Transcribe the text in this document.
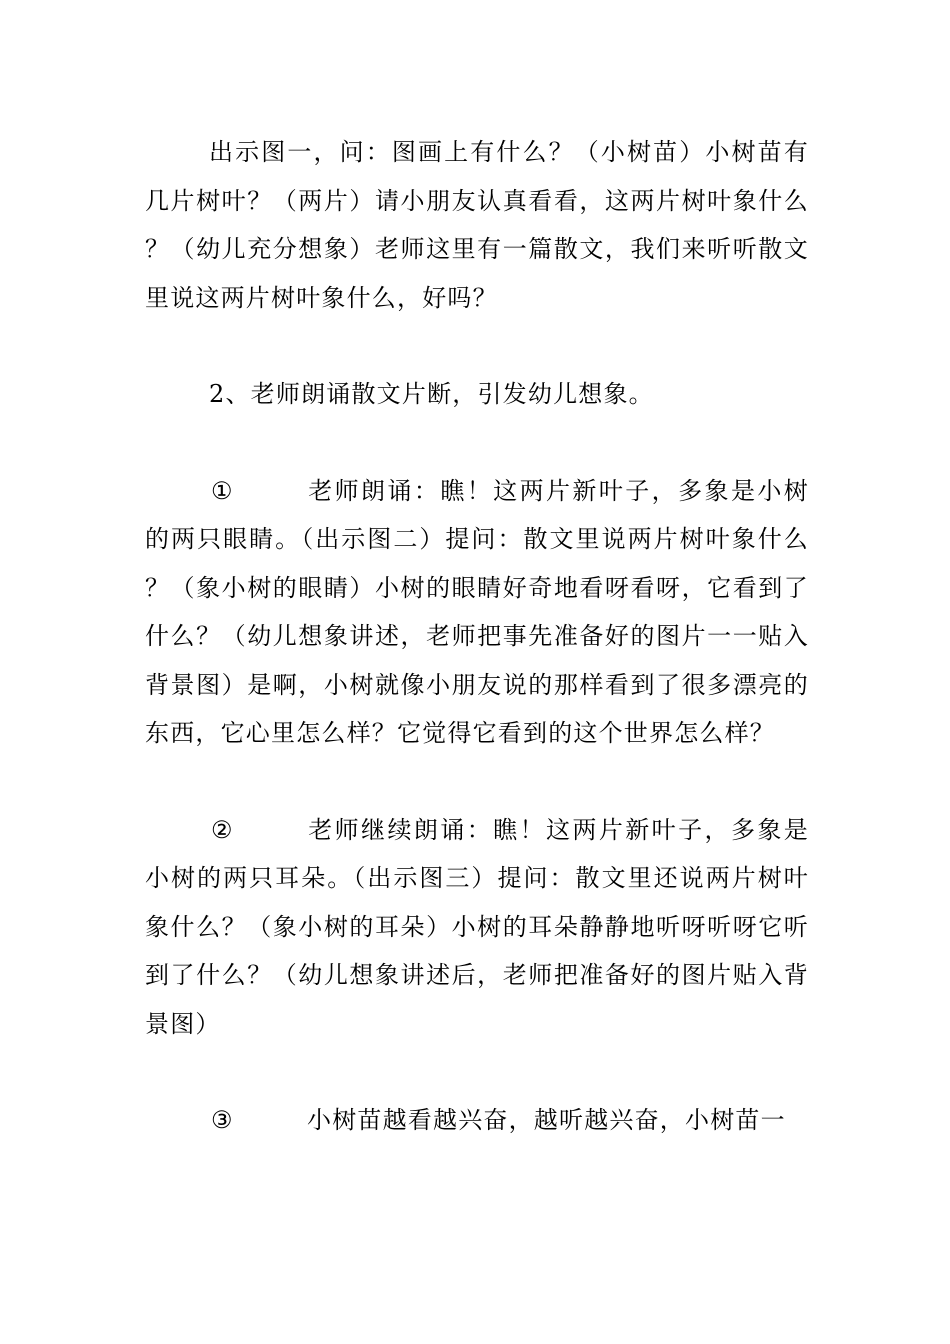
出示图一，问：图画上有什么？（小树苗）小树苗有几片树叶？（两片）请小朋友认真看看，这两片树叶象什么？（幼儿充分想象）老师这里有一篇散文，我们来听听散文里说这两片树叶象什么，好吗？

2、老师朗诵散文片断，引发幼儿想象。

①	老师朗诵：瞧！这两片新叶子，多象是小树的两只眼睛。（出示图二）提问：散文里说两片树叶象什么？（象小树的眼睛）小树的眼睛好奇地看呀看呀，它看到了什么？（幼儿想象讲述，老师把事先准备好的图片一一贴入背景图）是啊，小树就像小朋友说的那样看到了很多漂亮的东西，它心里怎么样？它觉得它看到的这个世界怎么样？

②	老师继续朗诵：瞧！这两片新叶子，多象是小树的两只耳朵。（出示图三）提问：散文里还说两片树叶象什么？（象小树的耳朵）小树的耳朵静静地听呀听呀它听到了什么？（幼儿想象讲述后，老师把准备好的图片贴入背景图）

③	小树苗越看越兴奋，越听越兴奋，小树苗一
